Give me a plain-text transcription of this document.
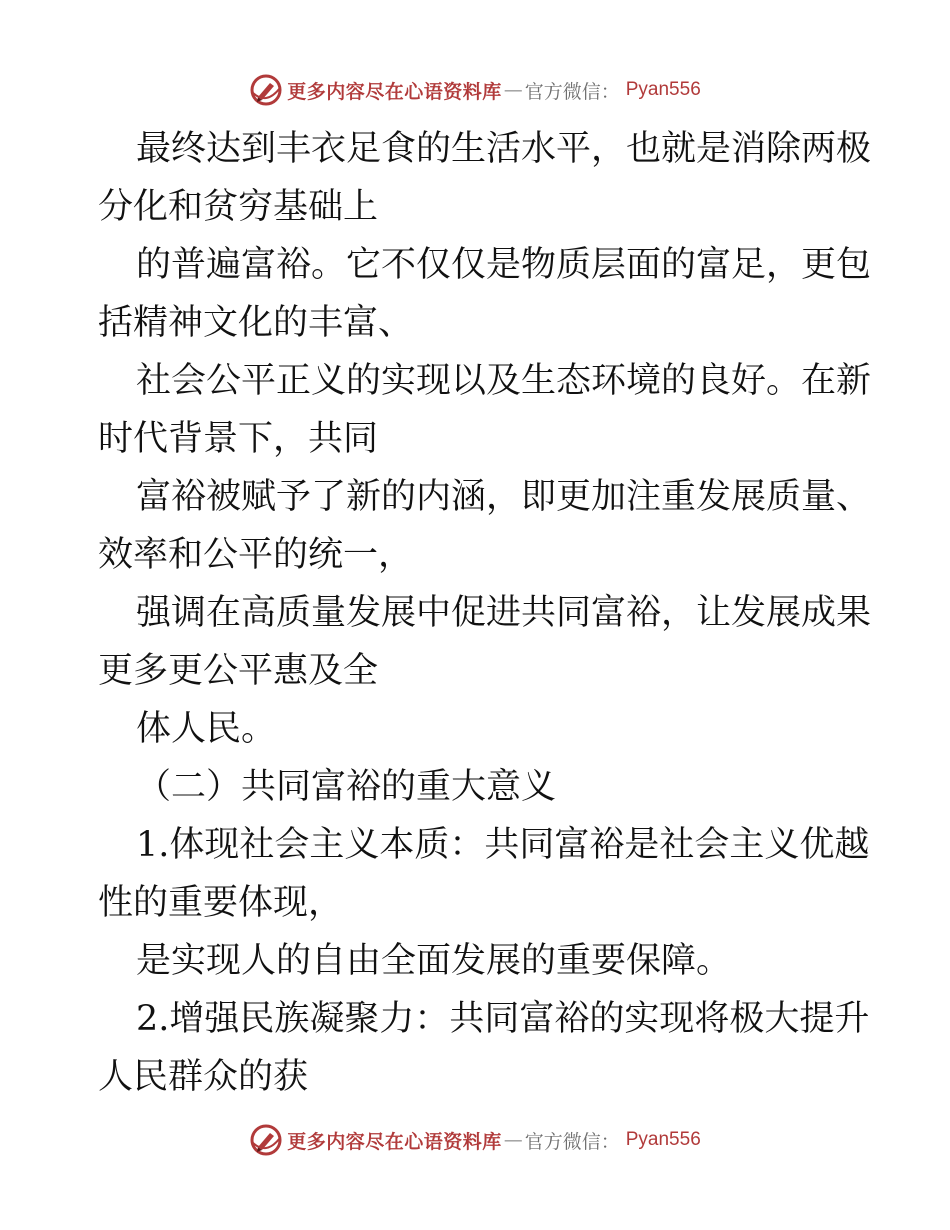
更多内容尽在心语资料库 — 官方微信： Pyan556

最终达到丰衣足食的生活水平，也就是消除两极

分化和贫穷基础上

的普遍富裕。它不仅仅是物质层面的富足，更包

括精神文化的丰富、

社会公平正义的实现以及生态环境的良好。在新

时代背景下，共同

富裕被赋予了新的内涵，即更加注重发展质量、

效率和公平的统一，

强调在高质量发展中促进共同富裕，让发展成果

更多更公平惠及全

体人民。

（二）共同富裕的重大意义

1.体现社会主义本质：共同富裕是社会主义优越

性的重要体现，

是实现人的自由全面发展的重要保障。

2.增强民族凝聚力：共同富裕的实现将极大提升

人民群众的获

更多内容尽在心语资料库 — 官方微信： Pyan556
